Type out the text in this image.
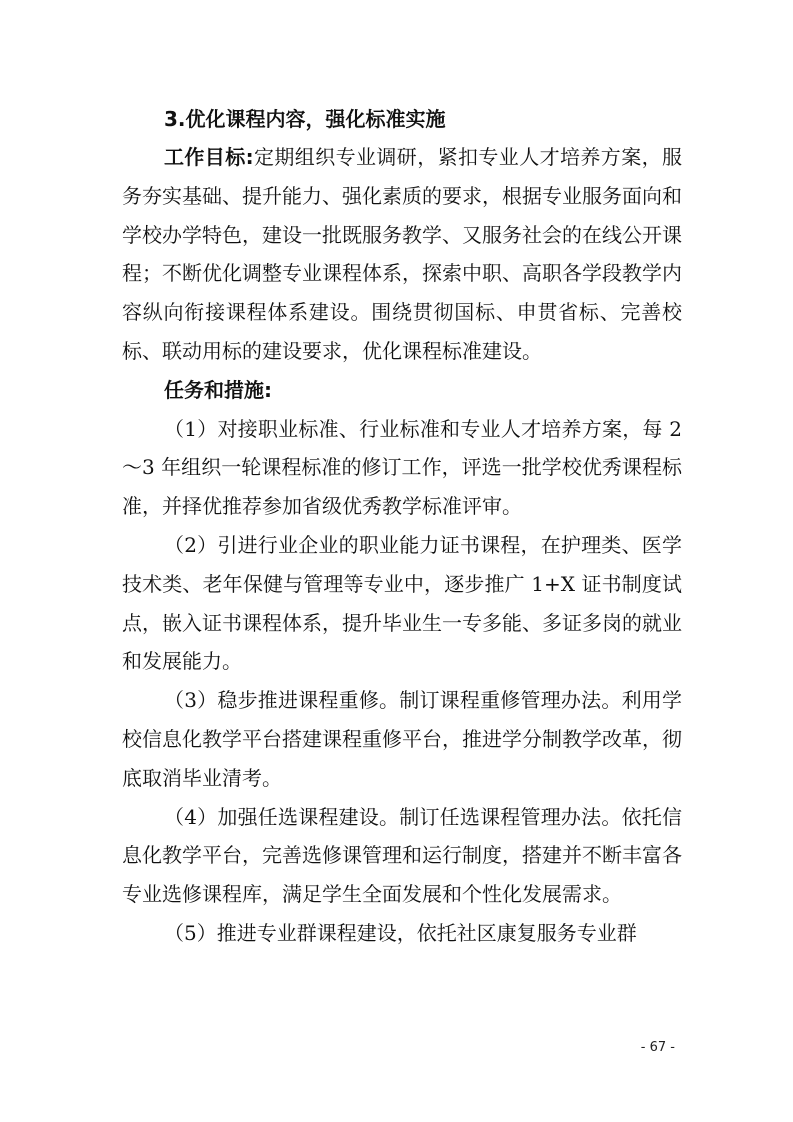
3.优化课程内容，强化标准实施

工作目标:定期组织专业调研，紧扣专业人才培养方案，服务夯实基础、提升能力、强化素质的要求，根据专业服务面向和学校办学特色，建设一批既服务教学、又服务社会的在线公开课程；不断优化调整专业课程体系，探索中职、高职各学段教学内容纵向衔接课程体系建设。围绕贯彻国标、申贯省标、完善校标、联动用标的建设要求，优化课程标准建设。

任务和措施:

（1）对接职业标准、行业标准和专业人才培养方案，每 2～3 年组织一轮课程标准的修订工作，评选一批学校优秀课程标准，并择优推荐参加省级优秀教学标准评审。

（2）引进行业企业的职业能力证书课程，在护理类、医学技术类、老年保健与管理等专业中，逐步推广 1+X 证书制度试点，嵌入证书课程体系，提升毕业生一专多能、多证多岗的就业和发展能力。

（3）稳步推进课程重修。制订课程重修管理办法。利用学校信息化教学平台搭建课程重修平台，推进学分制教学改革，彻底取消毕业清考。

（4）加强任选课程建设。制订任选课程管理办法。依托信息化教学平台，完善选修课管理和运行制度，搭建并不断丰富各专业选修课程库，满足学生全面发展和个性化发展需求。

（5）推进专业群课程建设，依托社区康复服务专业群

- 67 -
